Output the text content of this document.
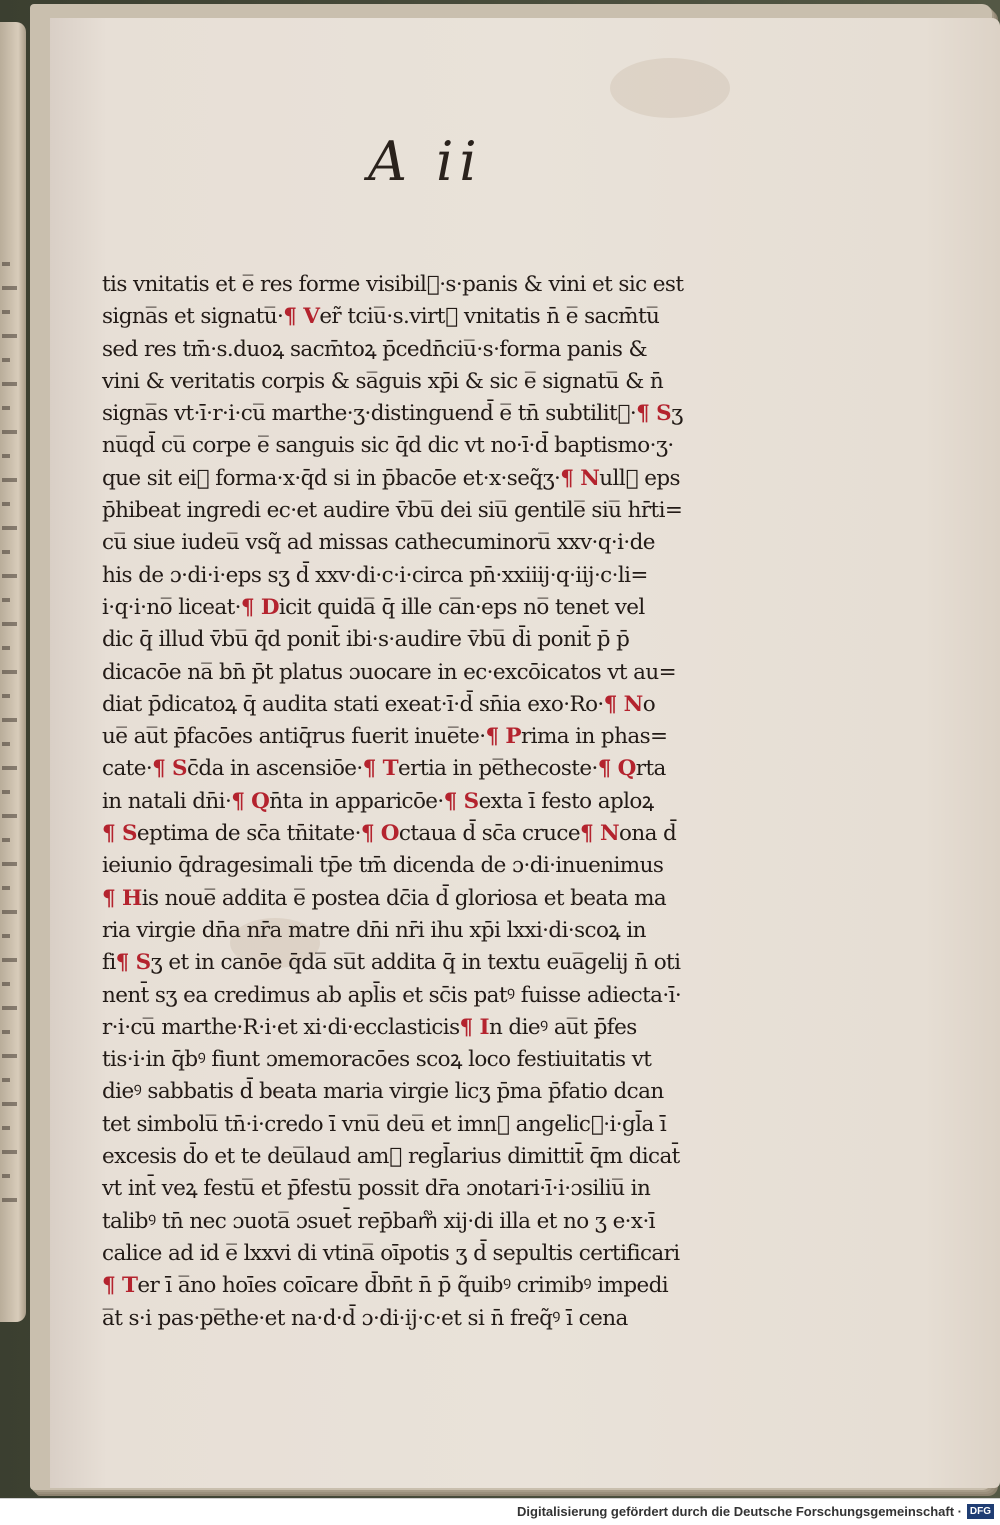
A ii
tis vnitatis et e̅ res forme visibil᷑·s·panis & vini et sic est
signa̅s et signatu̅·¶ Ver̃ tciu̅·s.virt᷑ vnitatis n̄ e̅ sacm̄tu̅
sed res tm̄·s.duoꝝ sacm̄toꝝ p̄cedn̄ciu̅·s·forma panis &
vini & veritatis corpis & sa̅guis xp̄i & sic e̅ signatu̅ & n̄
signa̅s vt·ī·r·i·cu̅ marthe·ʒ·distinguend̄ e̅ tn̄ subtilit᷑·¶ Sʒ
nu̅qd̄ cu̅ corpe e̅ sanguis sic q̄d dic vt no·ī·d̄ baptismo·ʒ·
que sit ei᷑ forma·x·q̄d si in p̄bacōe et·x·seq̃ʒ·¶ Null᷑ eps
p̄hibeat ingredi ec·et audire v̄bu̅ dei siu̅ gentile̅ siu̅ hr̄ti=
cu̅ siue iudeu̅ vsq̃ ad missas cathecuminoru̅ xxv·q·i·de
his de ɔ·di·i·eps sʒ d̄ xxv·di·c·i·circa pn̄·xxiiij·q·iij·c·li=
i·q·i·no̅ liceat·¶ Dicit quida̅ q̄ ille ca̅n·eps no̅ tenet vel
dic q̄ illud v̄bu̅ q̄d ponit̄ ibi·s·audire v̄bu̅ d̄i ponit̄ p̄ p̄
dicacōe na̅ bn̄ p̄t platus ɔuocare in ec·excōicatos vt au=
diat p̄dicatoꝝ q̄ audita stati exeat·ī·d̄ sn̄ia exo·Ro·¶ No
ue̅ au̅t p̄facōes antiq̄rus fuerit inue̅te·¶ Prima in phas=
cate·¶ Sc̄da in ascensiōe·¶ Tertia in pe̅thecoste·¶ Qrta
in natali dn̄i·¶ Qn̄ta in apparicōe·¶ Sexta ī festo aploꝝ
¶ Septima de sc̄a tn̄itate·¶ Octaua d̄ sc̄a cruce¶ Nona d̄
ieiunio q̄dragesimali tp̄e tm̄ dicenda de ɔ·di·inuenimus
¶ His noue̅ addita e̅ postea dc̄ia d̄ gloriosa et beata ma
ria virgie dn̄a nr̄a matre dn̄i nr̄i ihu xp̄i lxxi·di·scoꝝ in
fi¶ Sʒ et in canōe q̄da̅ su̅t addita q̄ in textu eua̅gelij n̄ oti
nent̄ sʒ ea credimus ab apl̄is et sc̄is patꝰ fuisse adiecta·ī·
r·i·cu̅ marthe·R·i·et xi·di·ecclasticis¶ In dieꝰ au̅t p̄fes
tis·i·in q̄bꝰ fiunt ɔmemoracōes scoꝝ loco festiuitatis vt
dieꝰ sabbatis d̄ beata maria virgie licʒ p̄ma p̄fatio dcan
tet simbolu̅ tn̄·i·credo ī vnu̅ deu̅ et imn᷑ angelic᷑·i·gl̄a ī
excesis d̄o et te deu̅laud am᷑ regl̄arius dimittit̄ q̄m dicat̄
vt int̄ veꝝ festu̅ et p̄festu̅ possit dr̄a ɔnotari·ī·i·ɔsiliu̅ in
talibꝰ tn̄ nec ɔuota̅ ɔsuet̄ rep̄bam᷑ xij·di illa et no ʒ e·x·ī
calice ad id e̅ lxxvi di vtina̅ oīpotis ʒ d̄ sepultis certificari
¶ Ter ī a̅no hoīes coīcare d̄bn̄t n̄ p̄ q̃uibꝰ crimibꝰ impedi
a̅t s·i pas·pe̅the·et na·d·d̄ ɔ·di·ij·c·et si n̄ freq̃ꝰ ī cena
Digitalisierung gefördert durch die Deutsche Forschungsgemeinschaft · DFG
